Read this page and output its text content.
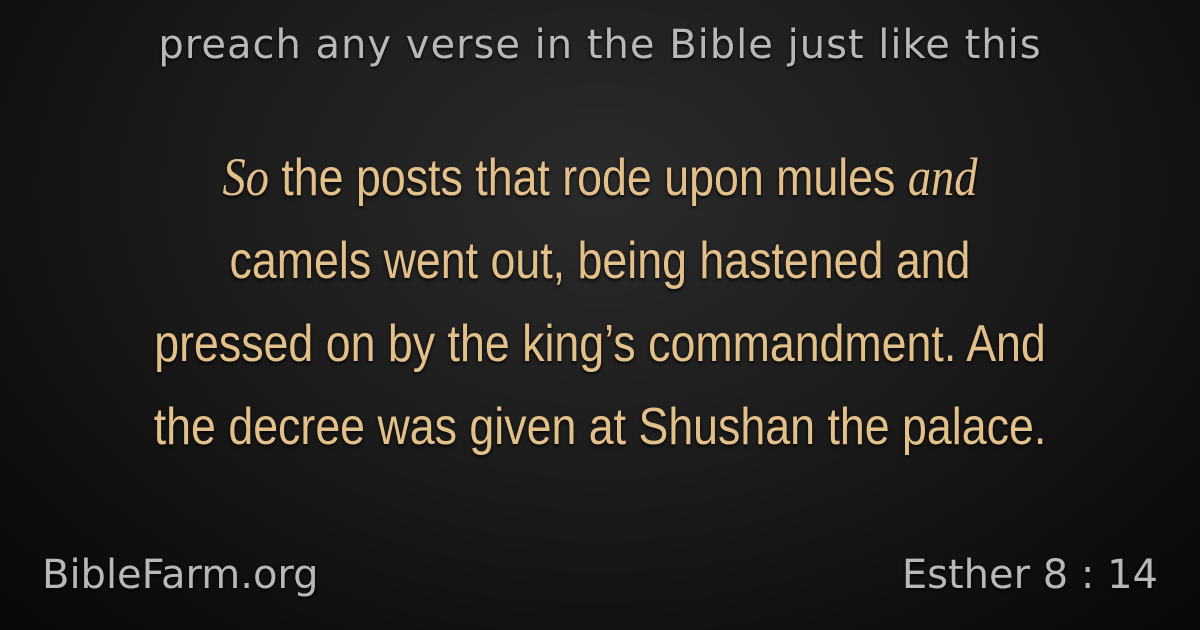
preach any verse in the Bible just like this
So the posts that rode upon mules and
camels went out, being hastened and
pressed on by the king’s commandment. And
the decree was given at Shushan the palace.
BibleFarm.org	Esther 8 : 14
